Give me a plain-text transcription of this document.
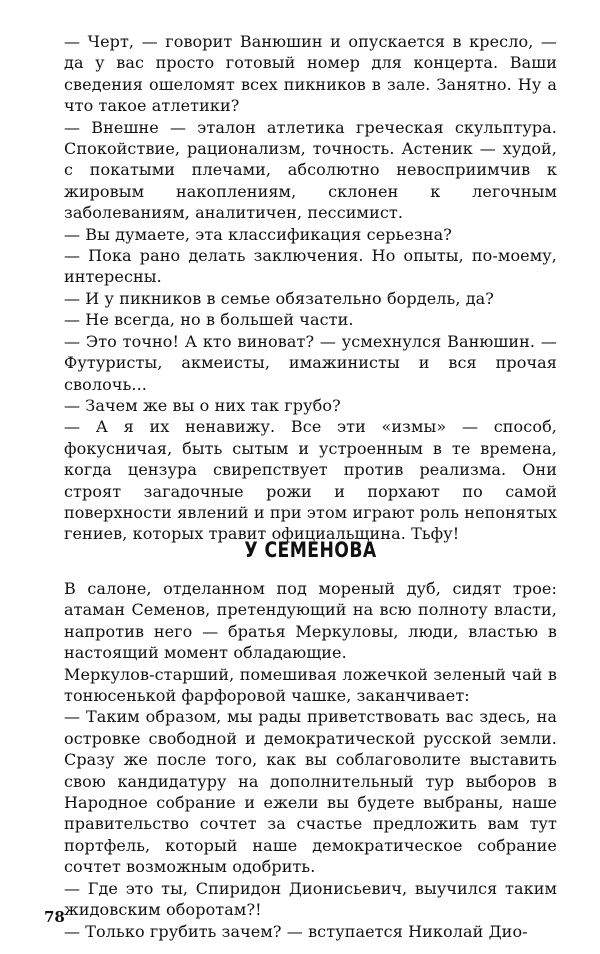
— Черт, — говорит Ванюшин и опускается в кресло, — да у вас просто готовый номер для концерта. Ваши сведения ошеломят всех пикников в зале. Занятно. Ну а что такое атлетики?

— Внешне — эталон атлетика греческая скульптура. Спокойствие, рационализм, точность. Астеник — худой, с покатыми плечами, абсолютно невосприимчив к жировым накоплениям, склонен к легочным заболеваниям, аналитичен, пессимист.

— Вы думаете, эта классификация серьезна?

— Пока рано делать заключения. Но опыты, по-моему, интересны.

— И у пикников в семье обязательно бордель, да?

— Не всегда, но в большей части.

— Это точно! А кто виноват? — усмехнулся Ванюшин. — Футуристы, акмеисты, имажинисты и вся прочая сволочь...

— Зачем же вы о них так грубо?

— А я их ненавижу. Все эти «измы» — способ, фокусничая, быть сытым и устроенным в те времена, когда цензура свирепствует против реализма. Они строят загадочные рожи и порхают по самой поверхности явлений и при этом играют роль непонятых гениев, которых травит официальщина. Тьфу!

У СЕМЕНОВА

В салоне, отделанном под мореный дуб, сидят трое: атаман Семенов, претендующий на всю полноту власти, напротив него — братья Меркуловы, люди, властью в настоящий момент обладающие.

Меркулов-старший, помешивая ложечкой зеленый чай в тонюсенькой фарфоровой чашке, заканчивает:

— Таким образом, мы рады приветствовать вас здесь, на островке свободной и демократической русской земли. Сразу же после того, как вы соблаговолите выставить свою кандидатуру на дополнительный тур выборов в Народное собрание и ежели вы будете выбраны, наше правительство сочтет за счастье предложить вам тут портфель, который наше демократическое собрание сочтет возможным одобрить.

— Где это ты, Спиридон Дионисьевич, выучился таким жидовским оборотам?!

— Только грубить зачем? — вступается Николай Дио-

78
